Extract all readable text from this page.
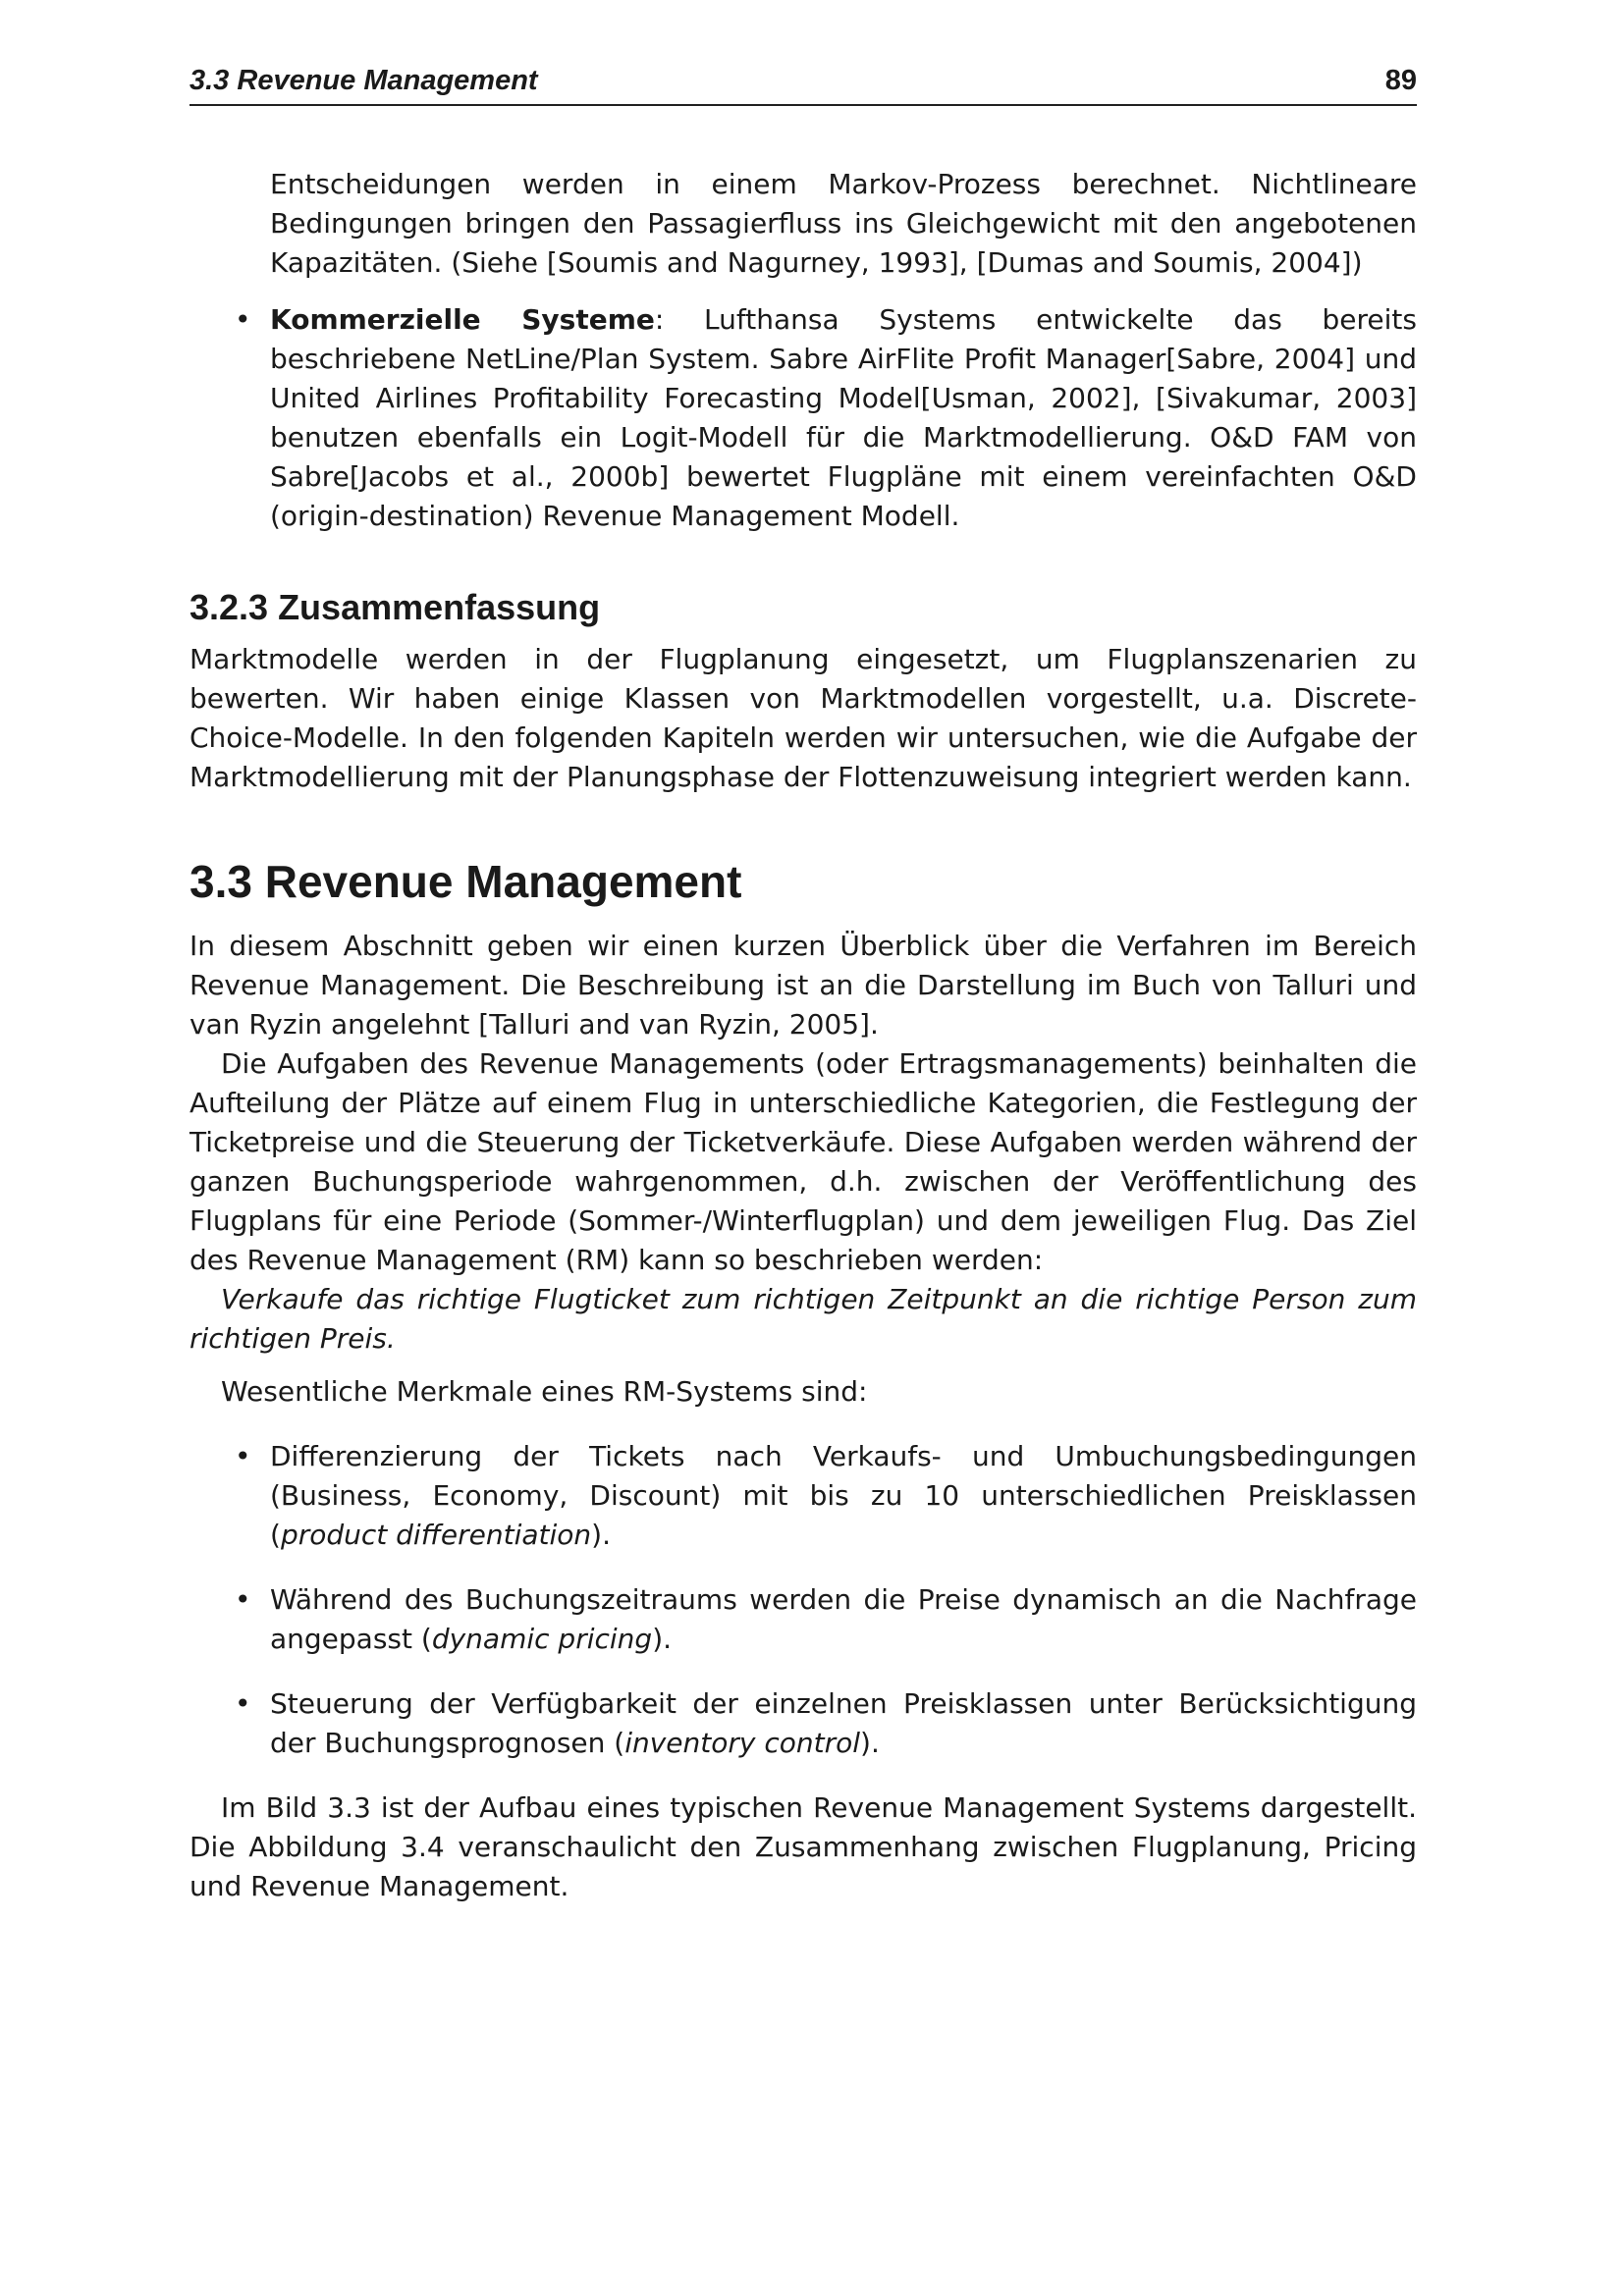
3.3 Revenue Management	89

Entscheidungen werden in einem Markov-Prozess berechnet. Nichtlineare Bedingungen bringen den Passagierfluss ins Gleichgewicht mit den angebotenen Kapazitäten. (Siehe [Soumis and Nagurney, 1993], [Dumas and Soumis, 2004])

• Kommerzielle Systeme: Lufthansa Systems entwickelte das bereits beschriebene NetLine/Plan System. Sabre AirFlite Profit Manager[Sabre, 2004] und United Airlines Profitability Forecasting Model[Usman, 2002], [Sivakumar, 2003] benutzen ebenfalls ein Logit-Modell für die Marktmodellierung. O&D FAM von Sabre[Jacobs et al., 2000b] bewertet Flugpläne mit einem vereinfachten O&D (origin-destination) Revenue Management Modell.

3.2.3 Zusammenfassung

Marktmodelle werden in der Flugplanung eingesetzt, um Flugplanszenarien zu bewerten. Wir haben einige Klassen von Marktmodellen vorgestellt, u.a. Discrete-Choice-Modelle. In den folgenden Kapiteln werden wir untersuchen, wie die Aufgabe der Marktmodellierung mit der Planungsphase der Flottenzuweisung integriert werden kann.

3.3 Revenue Management

In diesem Abschnitt geben wir einen kurzen Überblick über die Verfahren im Bereich Revenue Management. Die Beschreibung ist an die Darstellung im Buch von Talluri und van Ryzin angelehnt [Talluri and van Ryzin, 2005].

Die Aufgaben des Revenue Managements (oder Ertragsmanagements) beinhalten die Aufteilung der Plätze auf einem Flug in unterschiedliche Kategorien, die Festlegung der Ticketpreise und die Steuerung der Ticketverkäufe. Diese Aufgaben werden während der ganzen Buchungsperiode wahrgenommen, d.h. zwischen der Veröffentlichung des Flugplans für eine Periode (Sommer-/Winterflugplan) und dem jeweiligen Flug. Das Ziel des Revenue Management (RM) kann so beschrieben werden:

Verkaufe das richtige Flugticket zum richtigen Zeitpunkt an die richtige Person zum richtigen Preis.

Wesentliche Merkmale eines RM-Systems sind:

• Differenzierung der Tickets nach Verkaufs- und Umbuchungsbedingungen (Business, Economy, Discount) mit bis zu 10 unterschiedlichen Preisklassen (product differentiation).

• Während des Buchungszeitraums werden die Preise dynamisch an die Nachfrage angepasst (dynamic pricing).

• Steuerung der Verfügbarkeit der einzelnen Preisklassen unter Berücksichtigung der Buchungsprognosen (inventory control).

Im Bild 3.3 ist der Aufbau eines typischen Revenue Management Systems dargestellt. Die Abbildung 3.4 veranschaulicht den Zusammenhang zwischen Flugplanung, Pricing und Revenue Management.
